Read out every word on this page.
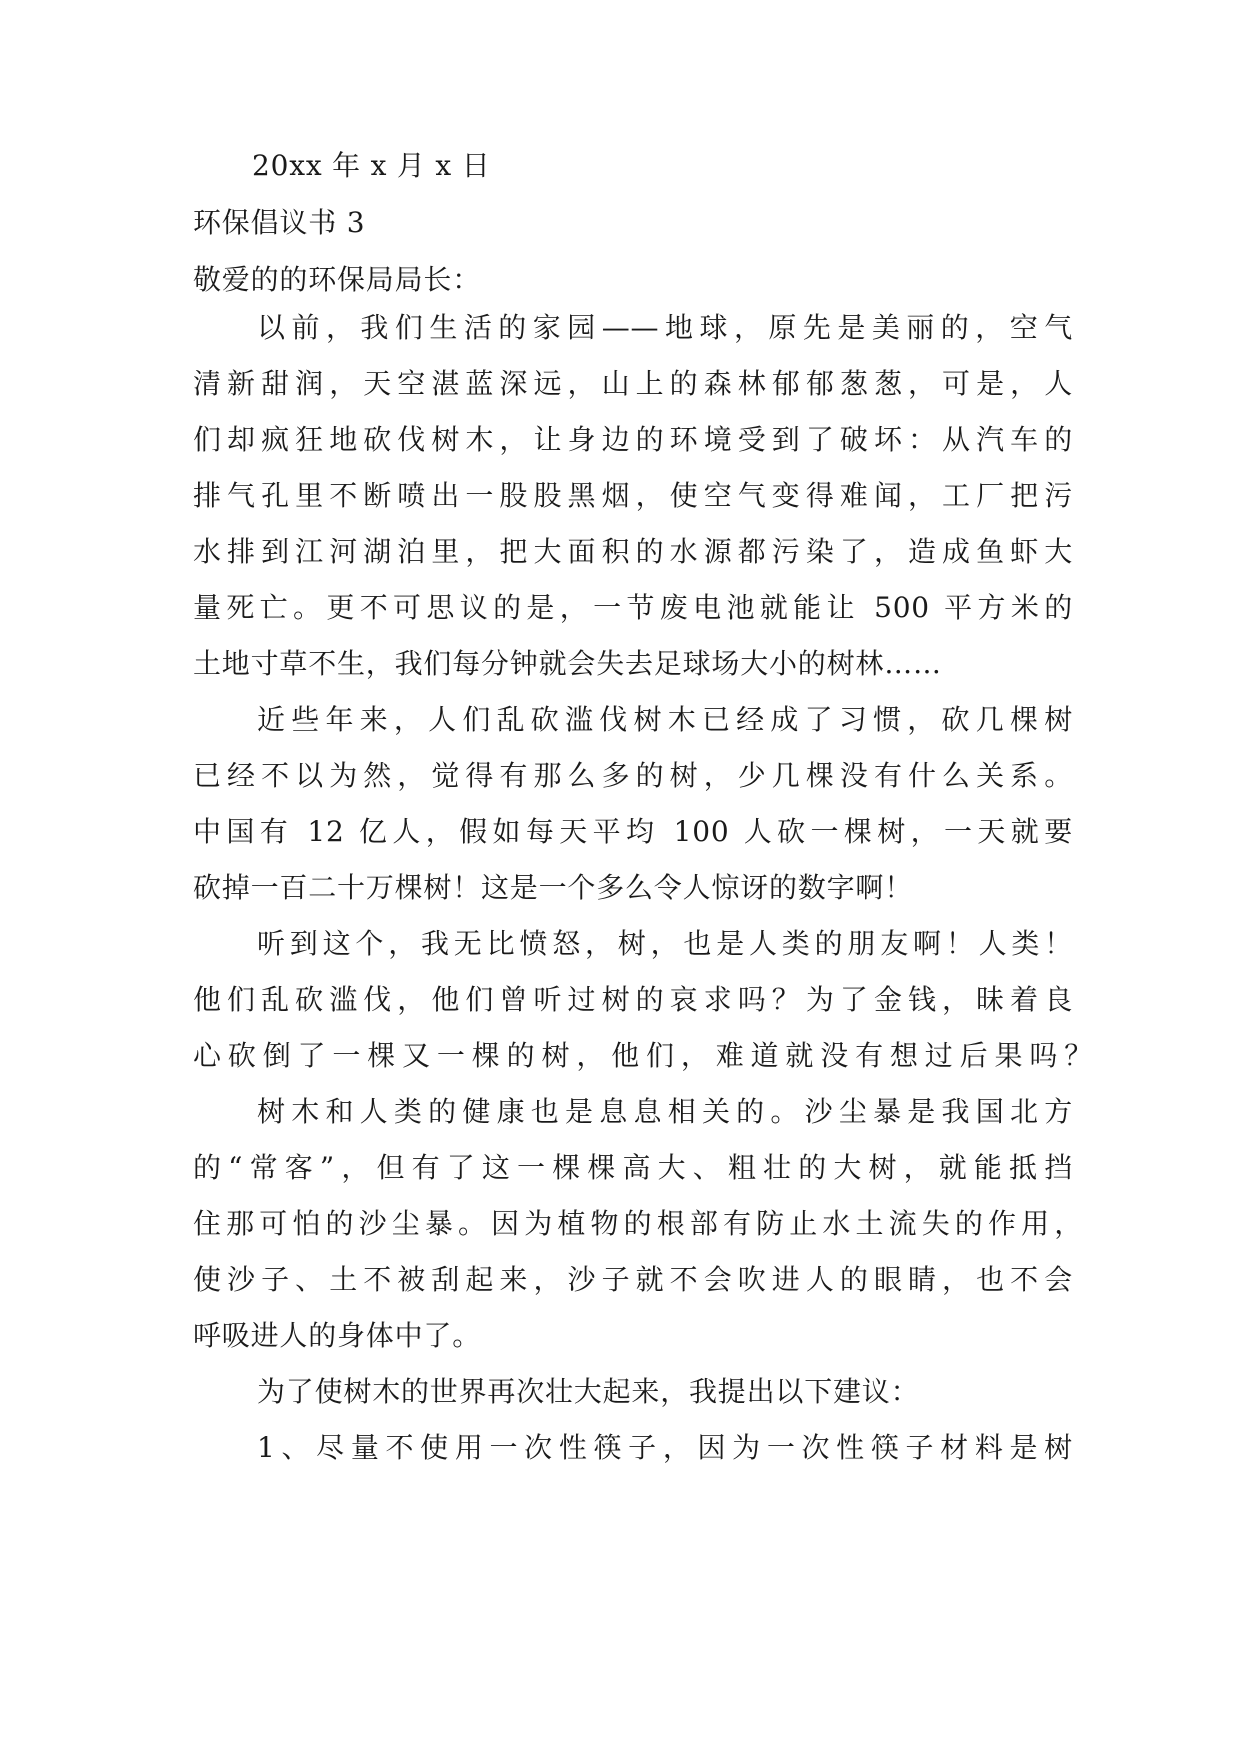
20xx 年 x 月 x 日
环保倡议书 3
敬爱的的环保局局长：
以前，我们生活的家园——地球，原先是美丽的，空气
清新甜润，天空湛蓝深远，山上的森林郁郁葱葱，可是，人
们却疯狂地砍伐树木，让身边的环境受到了破坏：从汽车的
排气孔里不断喷出一股股黑烟，使空气变得难闻，工厂把污
水排到江河湖泊里，把大面积的水源都污染了，造成鱼虾大
量死亡。更不可思议的是，一节废电池就能让 500 平方米的
土地寸草不生，我们每分钟就会失去足球场大小的树林……
近些年来，人们乱砍滥伐树木已经成了习惯，砍几棵树
已经不以为然，觉得有那么多的树，少几棵没有什么关系。
中国有 12 亿人，假如每天平均 100 人砍一棵树，一天就要
砍掉一百二十万棵树！这是一个多么令人惊讶的数字啊！
听到这个，我无比愤怒，树，也是人类的朋友啊！人类！
他们乱砍滥伐，他们曾听过树的哀求吗？为了金钱，昧着良
心砍倒了一棵又一棵的树，他们，难道就没有想过后果吗？
树木和人类的健康也是息息相关的。沙尘暴是我国北方
的“常客”，但有了这一棵棵高大、粗壮的大树，就能抵挡
住那可怕的沙尘暴。因为植物的根部有防止水土流失的作用，
使沙子、土不被刮起来，沙子就不会吹进人的眼睛，也不会
呼吸进人的身体中了。
为了使树木的世界再次壮大起来，我提出以下建议：
1、尽量不使用一次性筷子，因为一次性筷子材料是树
